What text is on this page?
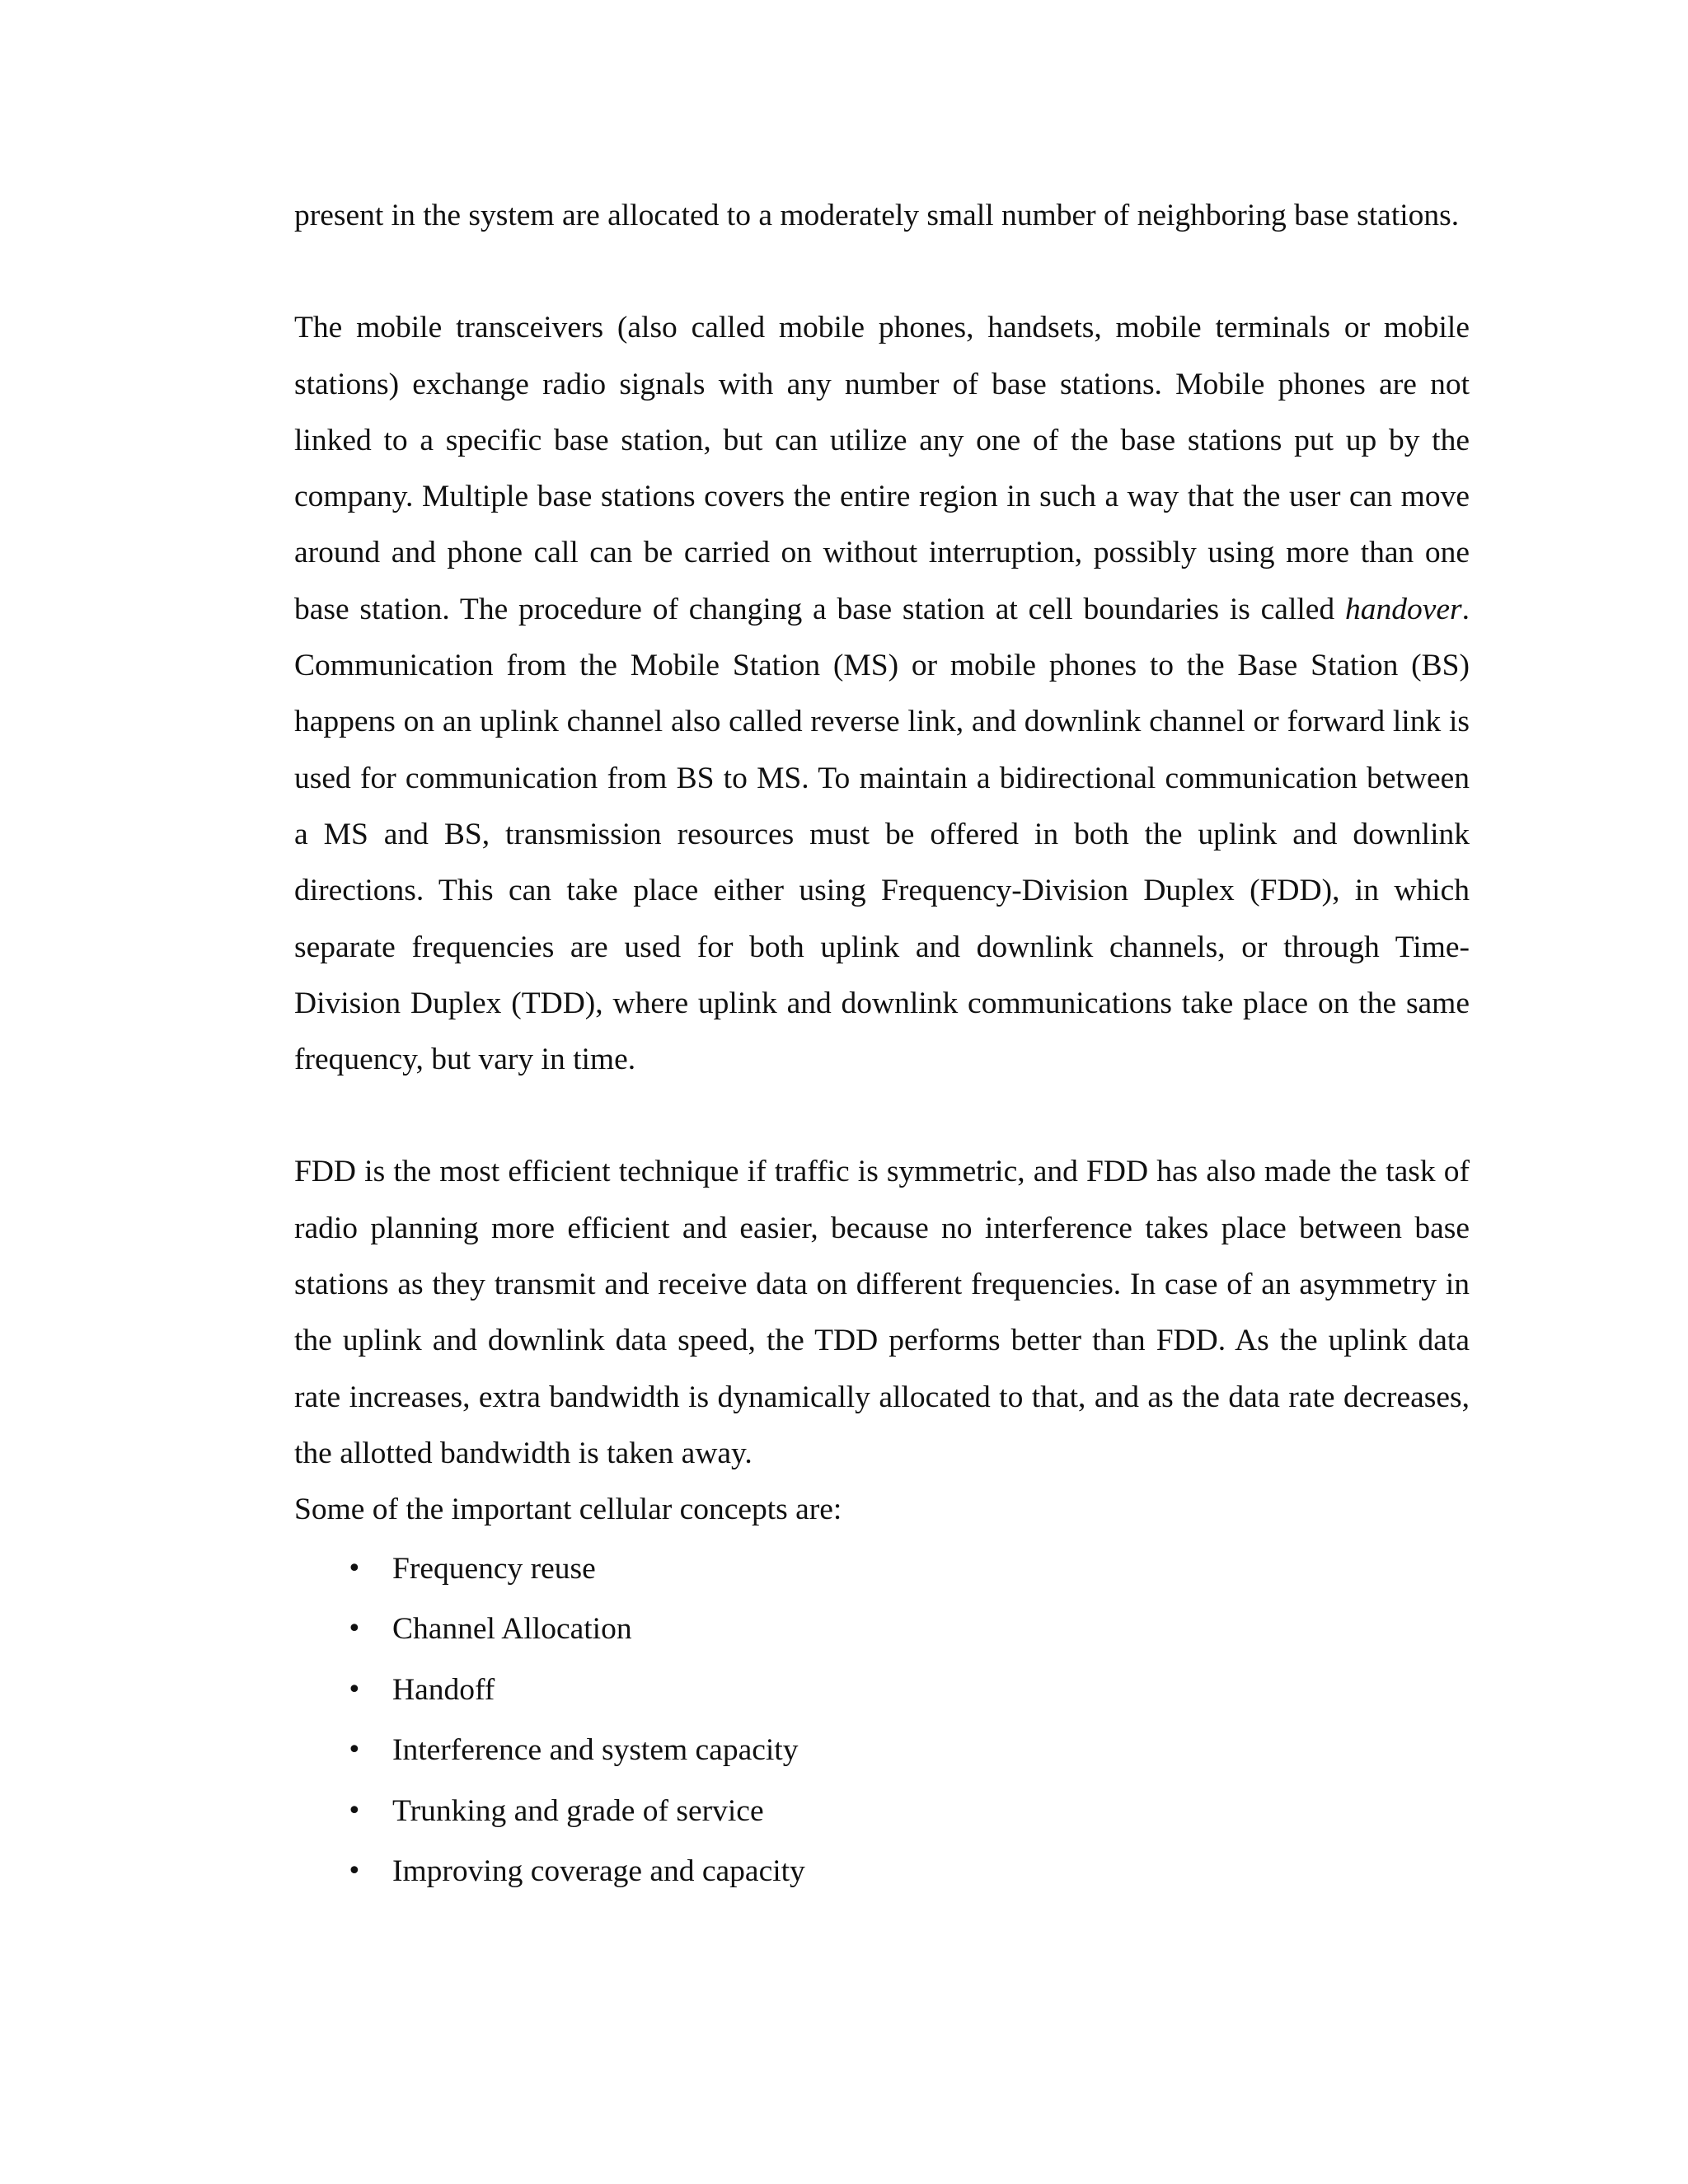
present in the system are allocated to a moderately small number of neighboring base stations.

The mobile transceivers (also called mobile phones, handsets, mobile terminals or mobile stations) exchange radio signals with any number of base stations. Mobile phones are not linked to a specific base station, but can utilize any one of the base stations put up by the company. Multiple base stations covers the entire region in such a way that the user can move around and phone call can be carried on without interruption, possibly using more than one base station. The procedure of changing a base station at cell boundaries is called handover. Communication from the Mobile Station (MS) or mobile phones to the Base Station (BS) happens on an uplink channel also called reverse link, and downlink channel or forward link is used for communication from BS to MS. To maintain a bidirectional communication between a MS and BS, transmission resources must be offered in both the uplink and downlink directions. This can take place either using Frequency-Division Duplex (FDD), in which separate frequencies are used for both uplink and downlink channels, or through Time-Division Duplex (TDD), where uplink and downlink communications take place on the same frequency, but vary in time.

FDD is the most efficient technique if traffic is symmetric, and FDD has also made the task of radio planning more efficient and easier, because no interference takes place between base stations as they transmit and receive data on different frequencies. In case of an asymmetry in the uplink and downlink data speed, the TDD performs better than FDD. As the uplink data rate increases, extra bandwidth is dynamically allocated to that, and as the data rate decreases, the allotted bandwidth is taken away.

Some of the important cellular concepts are:

• Frequency reuse
• Channel Allocation
• Handoff
• Interference and system capacity
• Trunking and grade of service
• Improving coverage and capacity
